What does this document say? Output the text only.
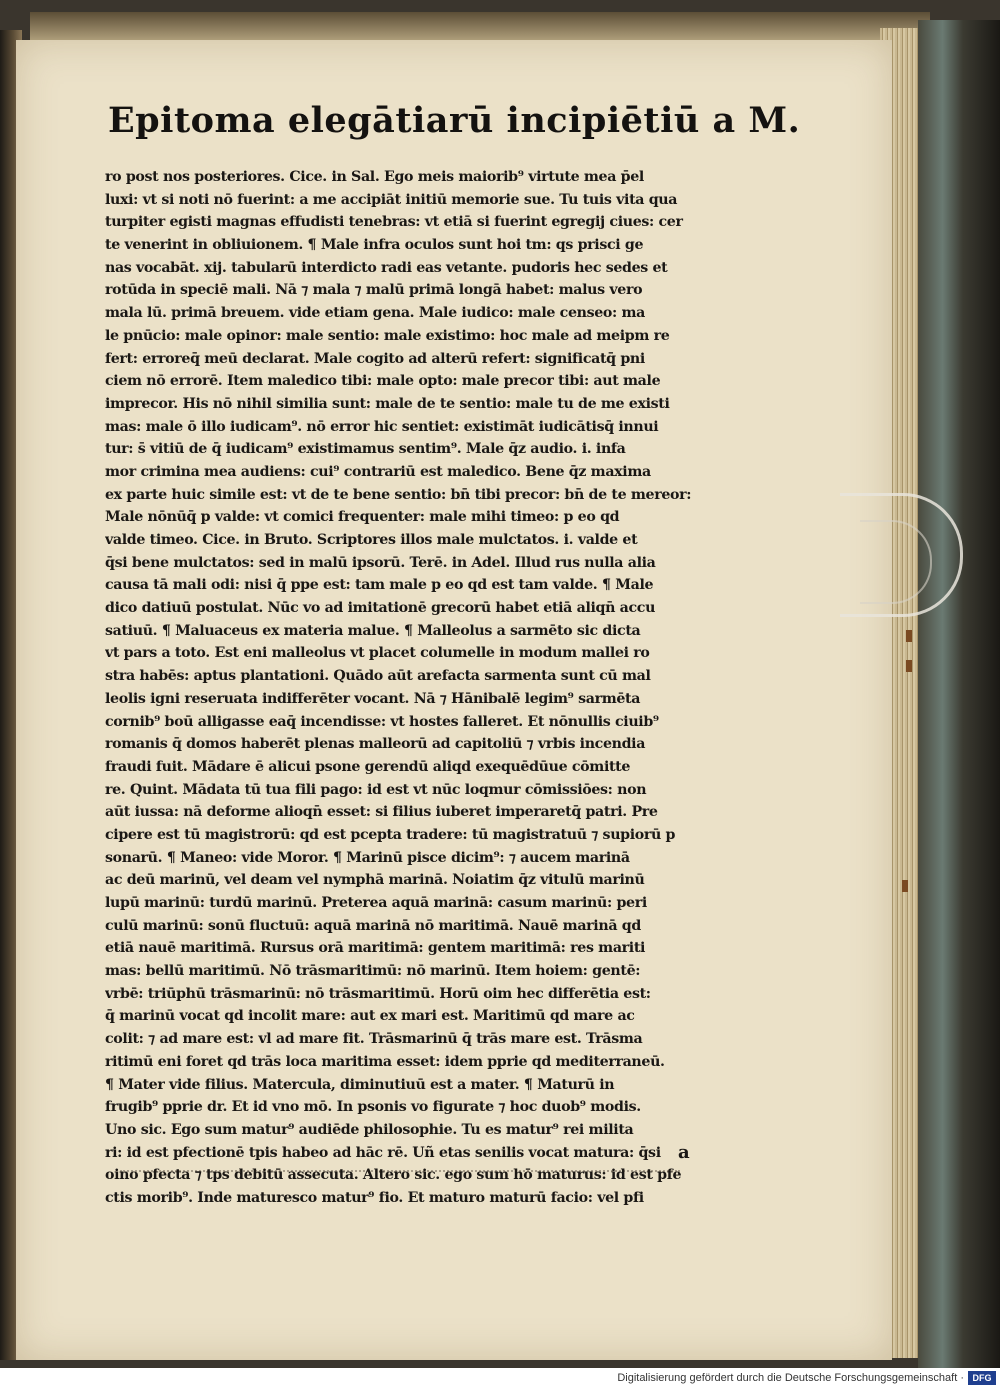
Epitoma elegātiarū incipiētiū a M.
ro post nos posteriores. Cice. in Sal. Ego meis maiorib⁹ virtute mea p̄el
luxi: vt si noti nō fuerint: a me accipiāt initiū memorie sue. Tu tuis vita qua
turpiter egisti magnas effudisti tenebras: vt etiā si fuerint egregij ciues: cer
te venerint in obliuionem. ¶ Male infra oculos sunt hoi tm: qs prisci ge
nas vocabāt. xij. tabularū interdicto radi eas vetante. pudoris hec sedes et
rotūda in speciē mali. Nā ⁊ mala ⁊ malū primā longā habet: malus vero
mala lū. primā breuem. vide etiam gena. Male iudico: male censeo: ma
le pnūcio: male opinor: male sentio: male existimo: hoc male ad meipm re
fert: erroreq̄ meū declarat. Male cogito ad alterū refert: significatq̄ pni
ciem nō errorē. Item maledico tibi: male opto: male precor tibi: aut male
imprecor. His nō nihil similia sunt: male de te sentio: male tu de me existi
mas: male ō illo iudicam⁹. nō error hic sentiet: existimāt iudicātisq̄ innui
tur: s̄ vitiū de q̄ iudicam⁹ existimamus sentim⁹. Male q̄z audio. i. infa
mor crimina mea audiens: cui⁹ contrariū est maledico. Bene q̄z maxima
ex parte huic simile est: vt de te bene sentio: bn̄ tibi precor: bn̄ de te mereor:
Male nōnūq̄ p valde: vt comici frequenter: male mihi timeo: p eo qd
valde timeo. Cice. in Bruto. Scriptores illos male mulctatos. i. valde et
q̄si bene mulctatos: sed in malū ipsorū. Terē. in Adel. Illud rus nulla alia
causa tā mali odi: nisi q̄ ppe est: tam male p eo qd est tam valde. ¶ Male
dico datiuū postulat. Nūc vo ad imitationē grecorū habet etiā aliqn̄ accu
satiuū. ¶ Maluaceus ex materia malue. ¶ Malleolus a sarmēto sic dicta
vt pars a toto. Est eni malleolus vt placet columelle in modum mallei ro
stra habēs: aptus plantationi. Quādo aūt arefacta sarmenta sunt cū mal
leolis igni reseruata indifferēter vocant. Nā ⁊ Hānibalē legim⁹ sarmēta
cornib⁹ boū alligasse eaq̄ incendisse: vt hostes falleret. Et nōnullis ciuib⁹
romanis q̄ domos haberēt plenas malleorū ad capitoliū ⁊ vrbis incendia
fraudi fuit. Mādare ē alicui psone gerendū aliqd exequēdūue cōmitte
re. Quint. Mādata tū tua fili pago: id est vt nūc loqmur cōmissiōes: non
aūt iussa: nā deforme alioqn̄ esset: si filius iuberet imperaretq̄ patri. Pre
cipere est tū magistrorū: qd est pcepta tradere: tū magistratuū ⁊ supiorū p
sonarū. ¶ Maneo: vide Moror. ¶ Marinū pisce dicim⁹: ⁊ aucem marinā
ac deū marinū, vel deam vel nymphā marinā. Noiatim q̄z vitulū marinū
lupū marinū: turdū marinū. Preterea aquā marinā: casum marinū: peri
culū marinū: sonū fluctuū: aquā marinā nō maritimā. Nauē marinā qd
etiā nauē maritimā. Rursus orā maritimā: gentem maritimā: res mariti
mas: bellū maritimū. Nō trāsmaritimū: nō marinū. Item hoiem: gentē:
vrbē: triūphū trāsmarinū: nō trāsmaritimū. Horū oim hec differētia est:
q̄ marinū vocat qd incolit mare: aut ex mari est. Maritimū qd mare ac
colit: ⁊ ad mare est: vl ad mare fit. Trāsmarinū q̄ trās mare est. Trāsma
ritimū eni foret qd trās loca maritima esset: idem pprie qd mediterraneū.
¶ Mater vide filius. Matercula, diminutiuū est a mater. ¶ Maturū in
frugib⁹ pprie dr. Et id vno mō. In psonis vo figurate ⁊ hoc duob⁹ modis.
Uno sic. Ego sum matur⁹ audiēde philosophie. Tu es matur⁹ rei milita
ri: id est pfectionē tpis habeo ad hāc rē. Uñ etas senilis vocat matura: q̄si
oino pfecta ⁊ tps debitū assecuta. Altero sic. ego sum hō maturus: id est pfe
ctis morib⁹. Inde maturesco matur⁹ fio. Et maturo maturū facio: vel pfi
a
Digitalisierung gefördert durch die Deutsche Forschungsgemeinschaft · DFG
